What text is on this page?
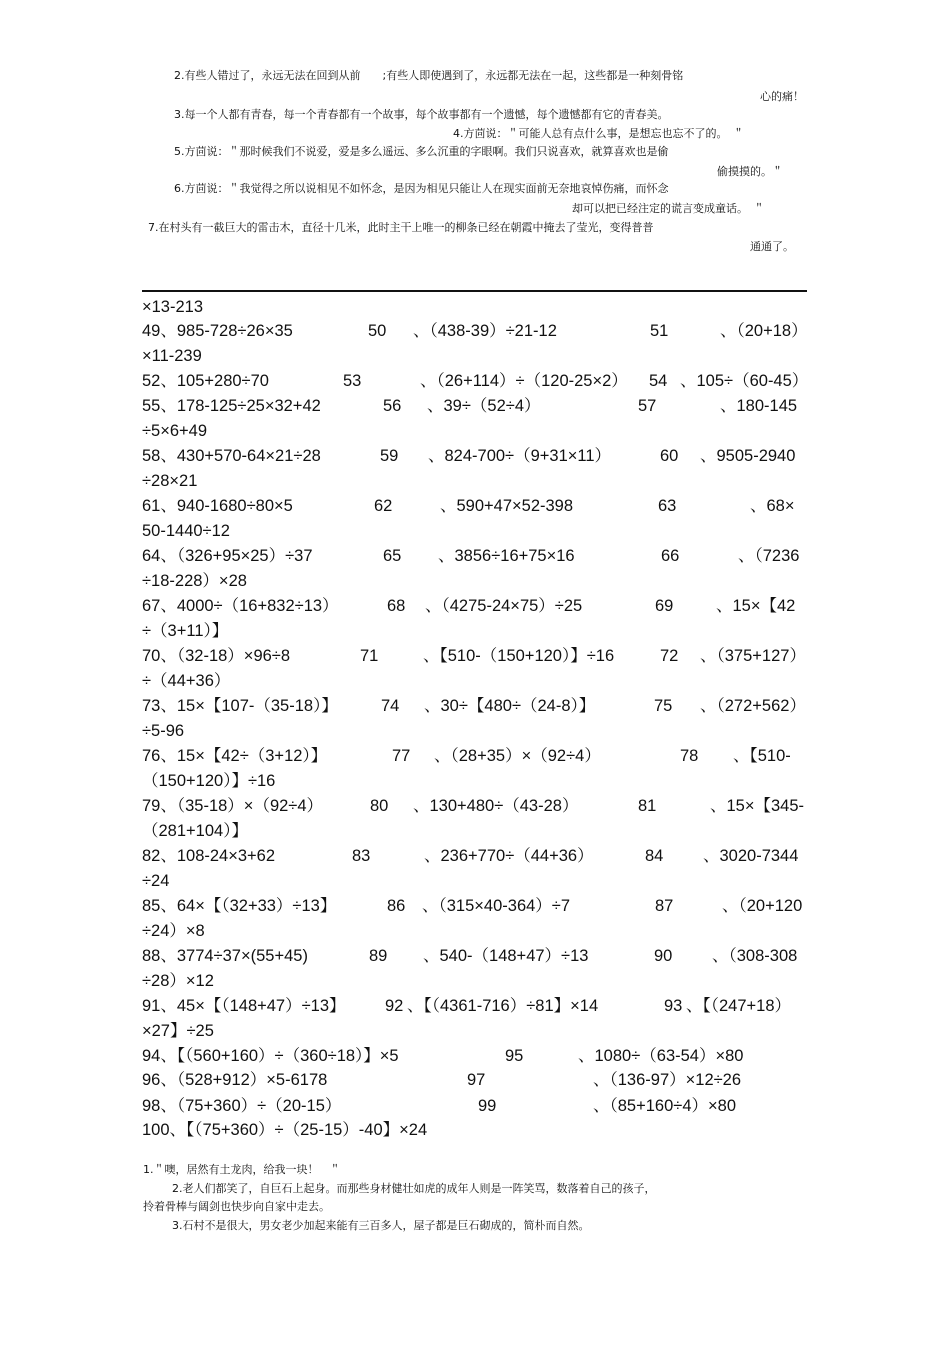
2.有些人错过了，永远无法在回到从前　　;有些人即使遇到了，永远都无法在一起，这些都是一种刻骨铭
心的痛！
3.每一个人都有青春，每一个青春都有一个故事，每个故事都有一个遗憾，每个遗憾都有它的青春美。
4.方茴说：＂可能人总有点什么事，是想忘也忘不了的。　＂
5.方茴说：＂那时候我们不说爱，爱是多么遥远、多么沉重的字眼啊。我们只说喜欢，就算喜欢也是偷
偷摸摸的。＂
6.方茴说：＂我觉得之所以说相见不如怀念，是因为相见只能让人在现实面前无奈地哀悼伤痛，而怀念
却可以把已经注定的谎言变成童话。　＂
7.在村头有一截巨大的雷击木，直径十几米，此时主干上唯一的柳条已经在朝霞中掩去了莹光，变得普普
通通了。
×13-213
49、985-728÷26×35	50 、（438-39）÷21-12	51	、（20+18）
×11-239
52、105+280÷70	53	、（26+114）÷（120-25×2） 54 、105÷（60-45）
55、178-125÷25×32+42	56 、39÷（52÷4）	57	、180-145
÷5×6+49
58、430+570-64×21÷28	59 、824-700÷（9+31×11）	60 、9505-2940
÷28×21
61、940-1680÷80×5	62	、590+47×52-398	63	、68×
50-1440÷12
64、（326+95×25）÷37	65 、3856÷16+75×16	66	、（7236
÷18-228）×28
67、4000÷（16+832÷13）	68 、（4275-24×75）÷25	69	、15×【42
÷（3+11）】
70、（32-18）×96÷8	71	、【510-（150+120）】÷16	72 、（375+127）
÷（44+36）
73、15×【107-（35-18）】	74 、30÷【480÷（24-8）】	75 、（272+562）
÷5-96
76、15×【42÷（3+12）】	77 、（28+35）×（92÷4）	78 、【510-
（150+120）】÷16
79、（35-18）×（92÷4）	80 、130+480÷（43-28）	81	、15×【345-
（281+104）】
82、108-24×3+62	83	、236+770÷（44+36）	84 、3020-7344
÷24
85、64×【（32+33）÷13】	86 、（315×40-364）÷7	87	、（20+120
÷24）×8
88、3774÷37×(55+45)	89 、540-（148+47）÷13	90 、（308-308
÷28）×12
91、45×【（148+47）÷13】 92 、【（4361-716）÷81】×14	93 、【（247+18）
×27】÷25
94、【（560+160）÷（360÷18）】×5	95	、1080÷（63-54）×80
96、（528+912）×5-6178	97	、（136-97）×12÷26
98、（75+360）÷（20-15）	99	、（85+160÷4）×80
100、【（75+360）÷（25-15）-40】×24
1.＂噢，居然有土龙肉，给我一块！　＂
2.老人们都笑了，自巨石上起身。而那些身材健壮如虎的成年人则是一阵笑骂，数落着自己的孩子，
拎着骨棒与阔剑也快步向自家中走去。
3.石村不是很大，男女老少加起来能有三百多人，屋子都是巨石砌成的，简朴而自然。
